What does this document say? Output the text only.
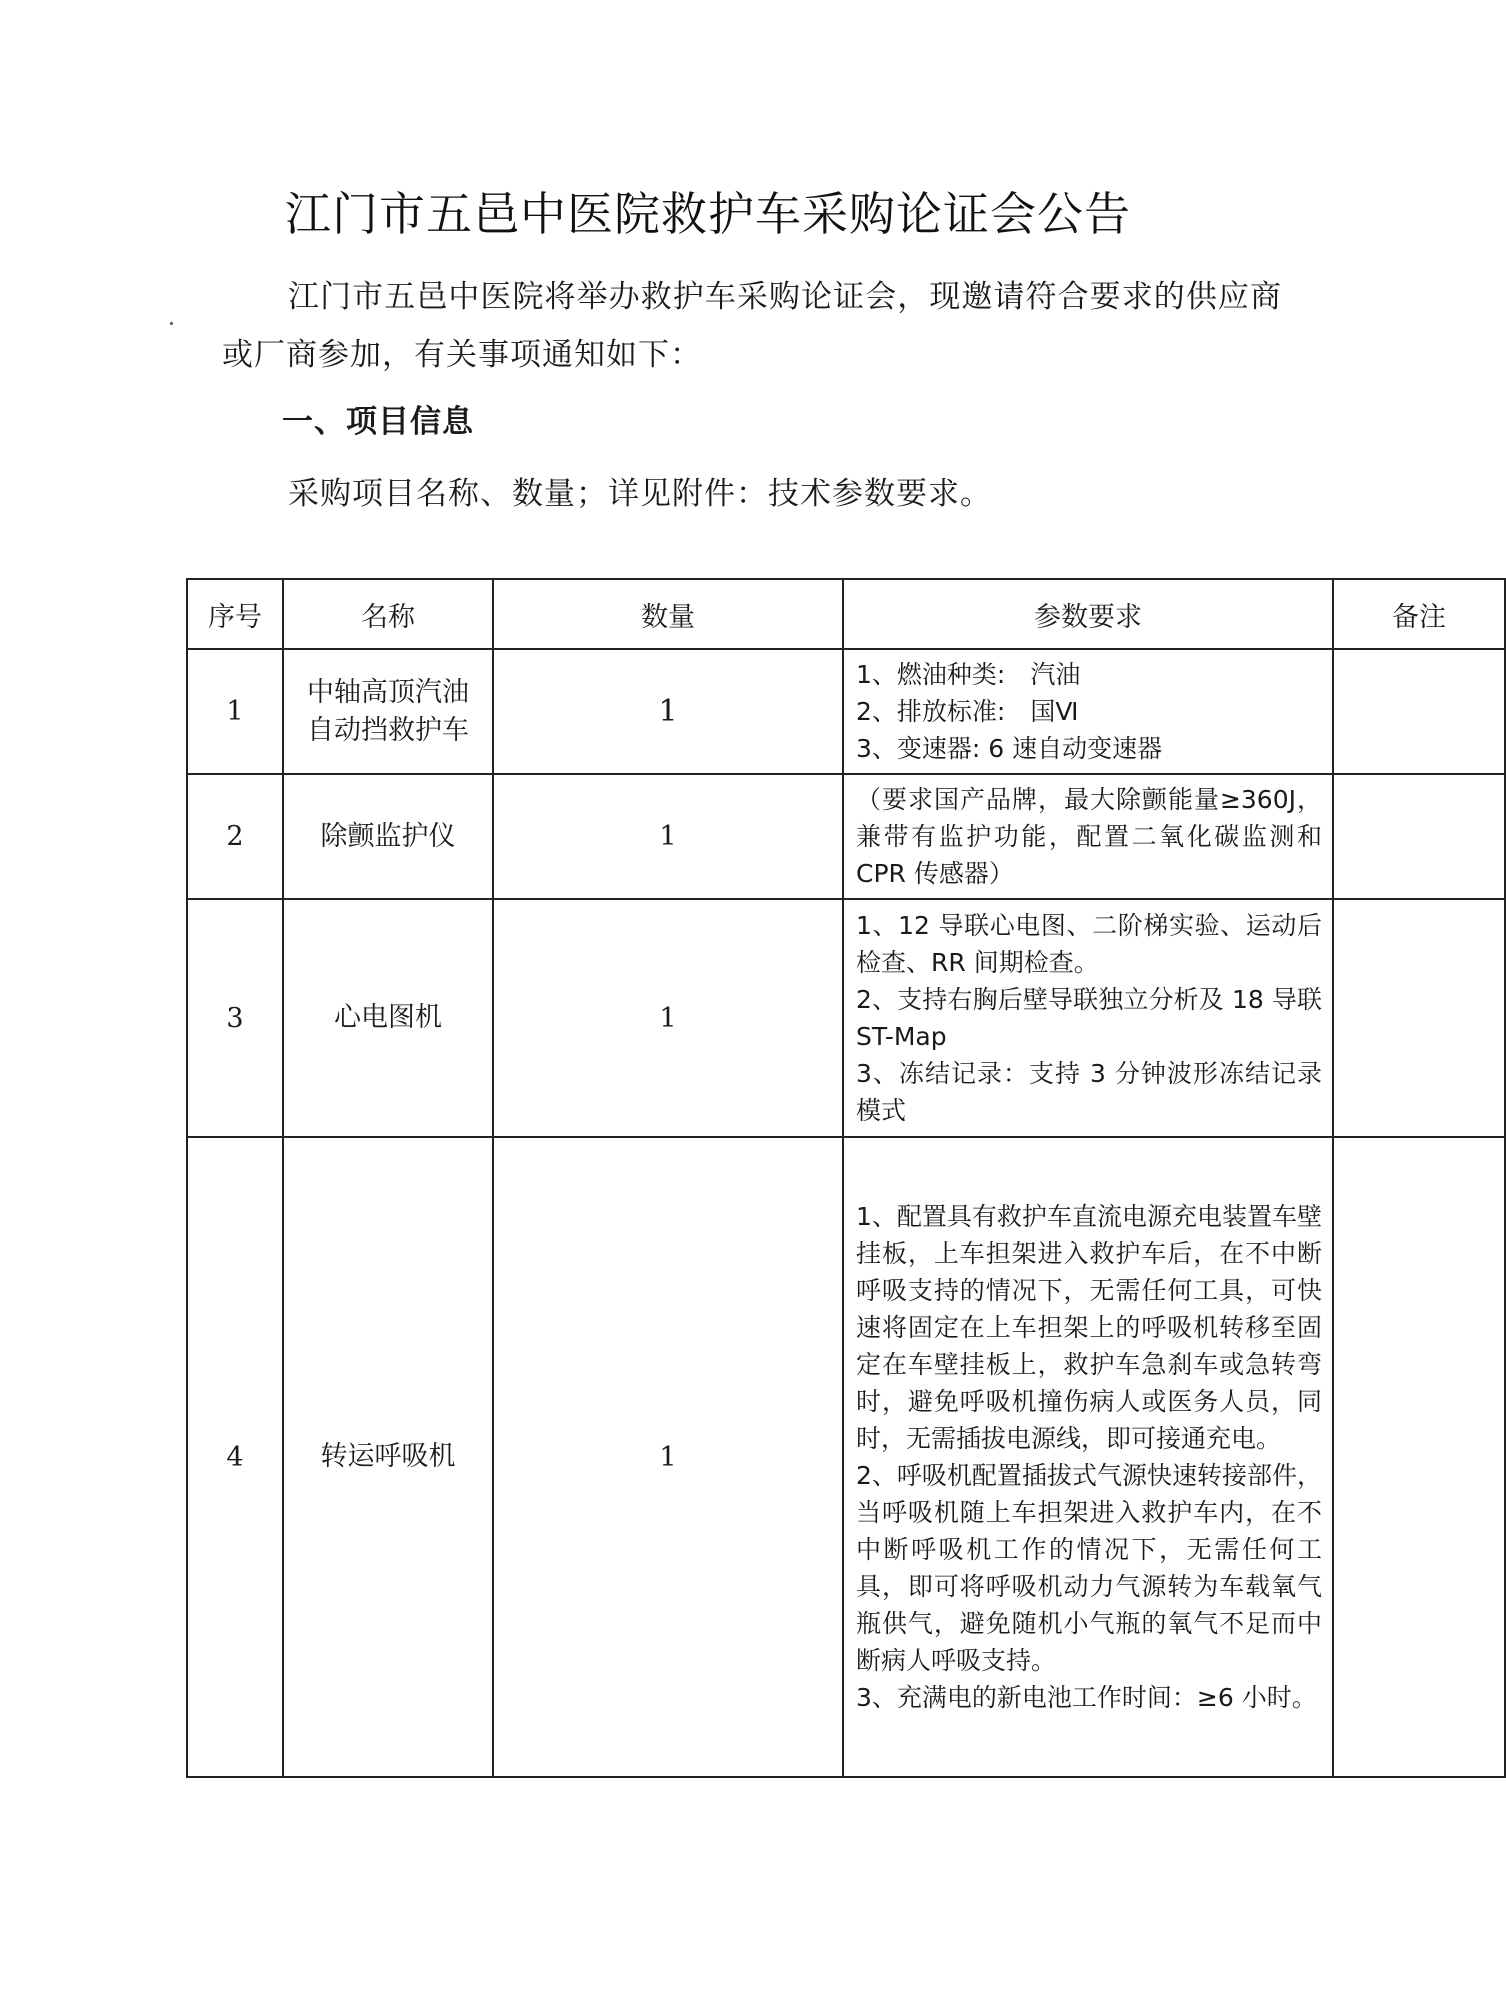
江门市五邑中医院救护车采购论证会公告

江门市五邑中医院将举办救护车采购论证会，现邀请符合要求的供应商或厂商参加，有关事项通知如下：

一、项目信息

采购项目名称、数量；详见附件：技术参数要求。

序号	名称	数量	参数要求	备注
1	中轴高顶汽油自动挡救护车	1	1、燃油种类:　汽油
2、排放标准:　国Ⅵ
3、变速器: 6 速自动变速器	

2	除颤监护仪	1	（要求国产品牌，最大除颤能量≥360J，兼带有监护功能，配置二氧化碳监测和 CPR 传感器）	

3	心电图机	1	1、12 导联心电图、二阶梯实验、运动后检查、RR 间期检查。
2、支持右胸后壁导联独立分析及 18 导联 ST-Map
3、冻结记录：支持 3 分钟波形冻结记录模式	

4	转运呼吸机	1	1、配置具有救护车直流电源充电装置车壁挂板，上车担架进入救护车后，在不中断呼吸支持的情况下，无需任何工具，可快速将固定在上车担架上的呼吸机转移至固定在车壁挂板上，救护车急刹车或急转弯时，避免呼吸机撞伤病人或医务人员，同时，无需插拔电源线，即可接通充电。
2、呼吸机配置插拔式气源快速转接部件，当呼吸机随上车担架进入救护车内，在不中断呼吸机工作的情况下，无需任何工具，即可将呼吸机动力气源转为车载氧气瓶供气，避免随机小气瓶的氧气不足而中断病人呼吸支持。
3、充满电的新电池工作时间：≥6 小时。	
